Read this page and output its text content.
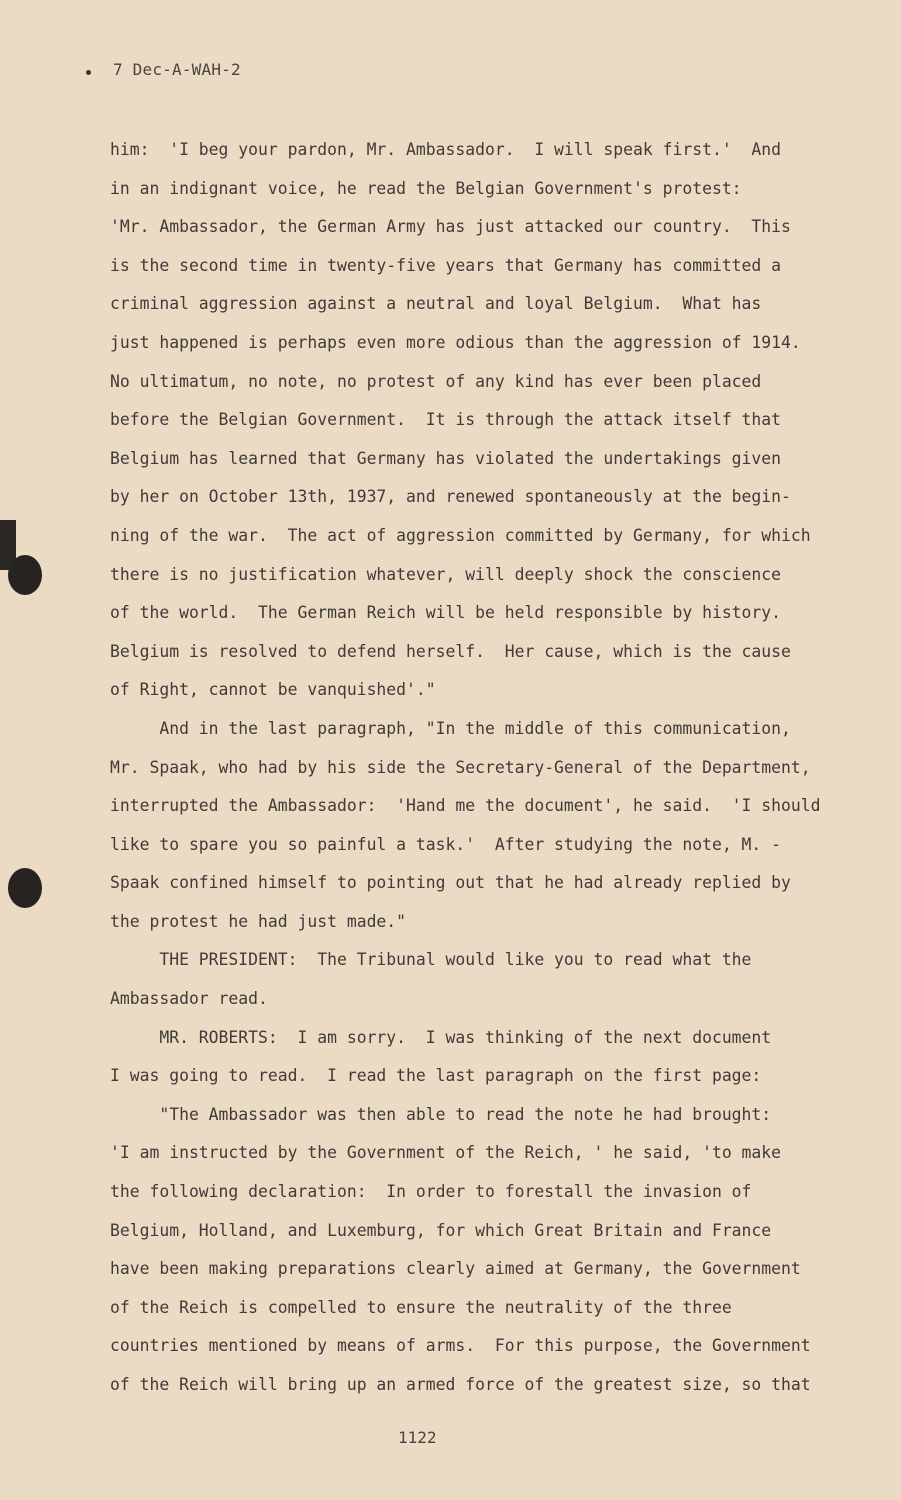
7 Dec-A-WAH-2
him:  'I beg your pardon, Mr. Ambassador.  I will speak first.'  And
in an indignant voice, he read the Belgian Government's protest:
'Mr. Ambassador, the German Army has just attacked our country.  This
is the second time in twenty-five years that Germany has committed a
criminal aggression against a neutral and loyal Belgium.  What has
just happened is perhaps even more odious than the aggression of 1914.
No ultimatum, no note, no protest of any kind has ever been placed
before the Belgian Government.  It is through the attack itself that
Belgium has learned that Germany has violated the undertakings given
by her on October 13th, 1937, and renewed spontaneously at the begin-
ning of the war.  The act of aggression committed by Germany, for which
there is no justification whatever, will deeply shock the conscience
of the world.  The German Reich will be held responsible by history.
Belgium is resolved to defend herself.  Her cause, which is the cause
of Right, cannot be vanquished'."
And in the last paragraph, "In the middle of this communication,
Mr. Spaak, who had by his side the Secretary-General of the Department,
interrupted the Ambassador:  'Hand me the document', he said.  'I should
like to spare you so painful a task.'  After studying the note, M. -
Spaak confined himself to pointing out that he had already replied by
the protest he had just made."
THE PRESIDENT:  The Tribunal would like you to read what the
Ambassador read.
MR. ROBERTS:  I am sorry.  I was thinking of the next document
I was going to read.  I read the last paragraph on the first page:
"The Ambassador was then able to read the note he had brought:
'I am instructed by the Government of the Reich, ' he said, 'to make
the following declaration:  In order to forestall the invasion of
Belgium, Holland, and Luxemburg, for which Great Britain and France
have been making preparations clearly aimed at Germany, the Government
of the Reich is compelled to ensure the neutrality of the three
countries mentioned by means of arms.  For this purpose, the Government
of the Reich will bring up an armed force of the greatest size, so that
1122
